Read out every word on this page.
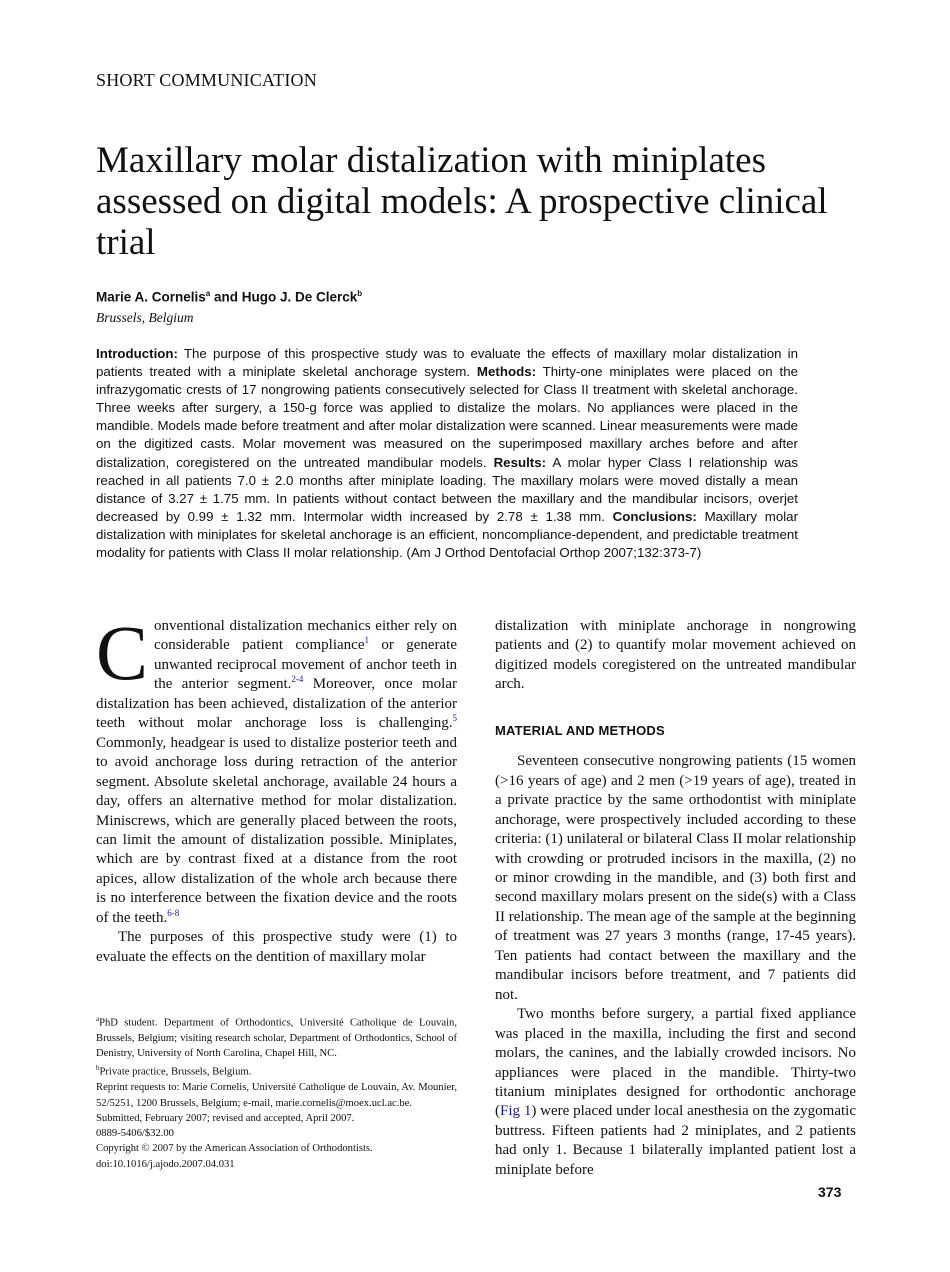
SHORT COMMUNICATION
Maxillary molar distalization with miniplates assessed on digital models: A prospective clinical trial
Marie A. Cornelis$^a$ and Hugo J. De Clerck$^b$
Brussels, Belgium

Introduction: The purpose of this prospective study was to evaluate the effects of maxillary molar distalization in patients treated with a miniplate skeletal anchorage system. Methods: Thirty-one miniplates were placed on the infrazygomatic crests of 17 nongrowing patients consecutively selected for Class II treatment with skeletal anchorage. Three weeks after surgery, a 150-g force was applied to distalize the molars. No appliances were placed in the mandible. Models made before treatment and after molar distalization were scanned. Linear measurements were made on the digitized casts. Molar movement was measured on the superimposed maxillary arches before and after distalization, coregistered on the untreated mandibular models. Results: A molar hyper Class I relationship was reached in all patients 7.0 ± 2.0 months after miniplate loading. The maxillary molars were moved distally a mean distance of 3.27 ± 1.75 mm. In patients without contact between the maxillary and the mandibular incisors, overjet decreased by 0.99 ± 1.32 mm. Intermolar width increased by 2.78 ± 1.38 mm. Conclusions: Maxillary molar distalization with miniplates for skeletal anchorage is an efficient, noncompliance-dependent, and predictable treatment modality for patients with Class II molar relationship. (Am J Orthod Dentofacial Orthop 2007;132:373-7)

Conventional distalization mechanics either rely on considerable patient compliance$^1$ or generate unwanted reciprocal movement of anchor teeth in the anterior segment.$^{2-4}$ Moreover, once molar distalization has been achieved, distalization of the anterior teeth without molar anchorage loss is challenging.$^5$ Commonly, headgear is used to distalize posterior teeth and to avoid anchorage loss during retraction of the anterior segment. Absolute skeletal anchorage, available 24 hours a day, offers an alternative method for molar distalization. Miniscrews, which are generally placed between the roots, can limit the amount of distalization possible. Miniplates, which are by contrast fixed at a distance from the root apices, allow distalization of the whole arch because there is no interference between the fixation device and the roots of the teeth.$^{6-8}$

The purposes of this prospective study were (1) to evaluate the effects on the dentition of maxillary molar

distalization with miniplate anchorage in nongrowing patients and (2) to quantify molar movement achieved on digitized models coregistered on the untreated mandibular arch.

MATERIAL AND METHODS

Seventeen consecutive nongrowing patients (15 women (>16 years of age) and 2 men (>19 years of age), treated in a private practice by the same orthodontist with miniplate anchorage, were prospectively included according to these criteria: (1) unilateral or bilateral Class II molar relationship with crowding or protruded incisors in the maxilla, (2) no or minor crowding in the mandible, and (3) both first and second maxillary molars present on the side(s) with a Class II relationship. The mean age of the sample at the beginning of treatment was 27 years 3 months (range, 17-45 years). Ten patients had contact between the maxillary and the mandibular incisors before treatment, and 7 patients did not.

Two months before surgery, a partial fixed appliance was placed in the maxilla, including the first and second molars, the canines, and the labially crowded incisors. No appliances were placed in the mandible. Thirty-two titanium miniplates designed for orthodontic anchorage (Fig 1) were placed under local anesthesia on the zygomatic buttress. Fifteen patients had 2 miniplates, and 2 patients had only 1. Because 1 bilaterally implanted patient lost a miniplate before

$^a$PhD student. Department of Orthodontics, Université Catholique de Louvain, Brussels, Belgium; visiting research scholar, Department of Orthodontics, School of Denistry, University of North Carolina, Chapel Hill, NC.

$^b$Private practice, Brussels, Belgium.

Reprint requests to: Marie Cornelis, Université Catholique de Louvain, Av. Mounier, 52/5251, 1200 Brussels, Belgium; e-mail, marie.cornelis@moex.ucl.ac.be.

Submitted, February 2007; revised and accepted, April 2007.

0889-5406/$32.00

Copyright © 2007 by the American Association of Orthodontists.

doi:10.1016/j.ajodo.2007.04.031

373
